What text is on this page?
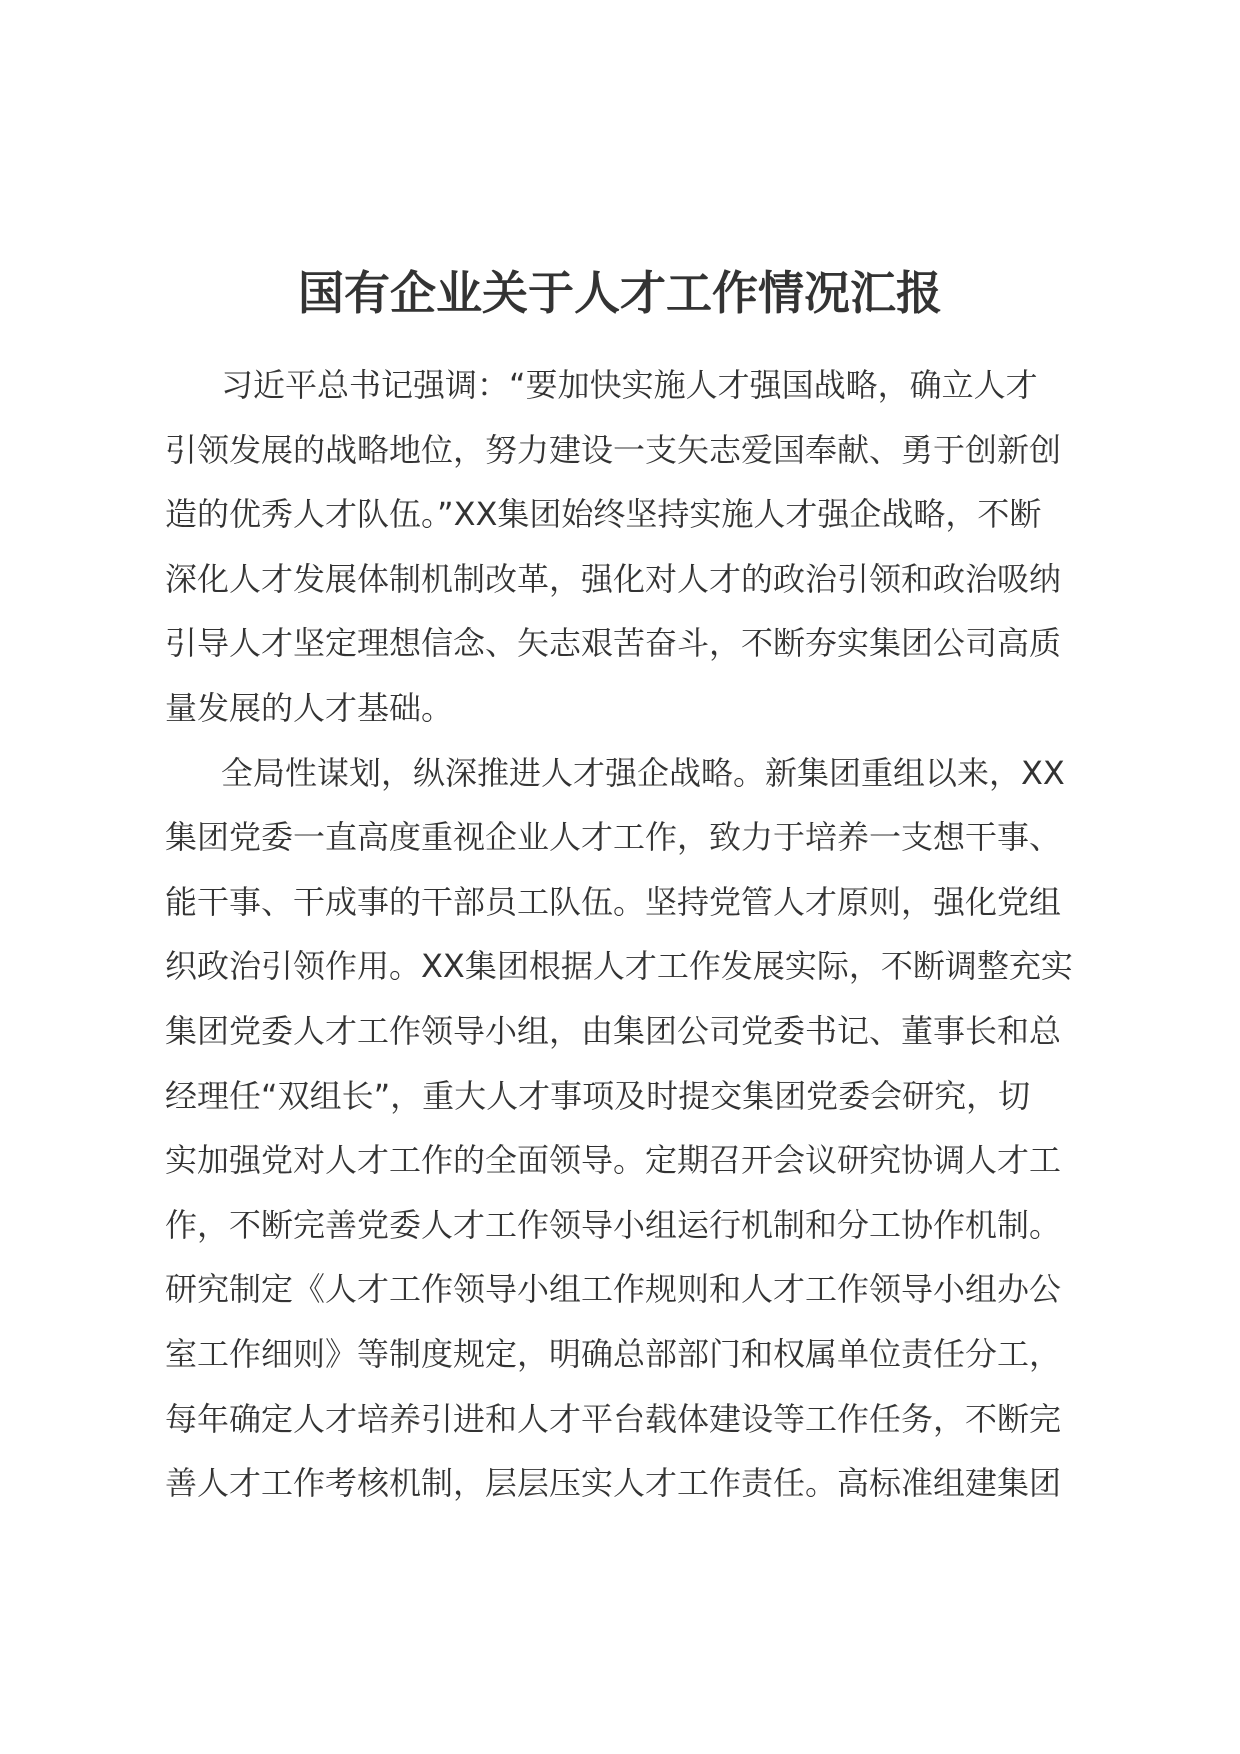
国有企业关于人才工作情况汇报
习近平总书记强调：“要加快实施人才强国战略，确立人才
引领发展的战略地位，努力建设一支矢志爱国奉献、勇于创新创
造的优秀人才队伍。”XX集团始终坚持实施人才强企战略，不断
深化人才发展体制机制改革，强化对人才的政治引领和政治吸纳
引导人才坚定理想信念、矢志艰苦奋斗，不断夯实集团公司高质
量发展的人才基础。
全局性谋划，纵深推进人才强企战略。新集团重组以来，XX
集团党委一直高度重视企业人才工作，致力于培养一支想干事、
能干事、干成事的干部员工队伍。坚持党管人才原则，强化党组
织政治引领作用。XX集团根据人才工作发展实际，不断调整充实
集团党委人才工作领导小组，由集团公司党委书记、董事长和总
经理任“双组长”，重大人才事项及时提交集团党委会研究，切
实加强党对人才工作的全面领导。定期召开会议研究协调人才工
作，不断完善党委人才工作领导小组运行机制和分工协作机制。
研究制定《人才工作领导小组工作规则和人才工作领导小组办公
室工作细则》等制度规定，明确总部部门和权属单位责任分工，
每年确定人才培养引进和人才平台载体建设等工作任务，不断完
善人才工作考核机制，层层压实人才工作责任。高标准组建集团
